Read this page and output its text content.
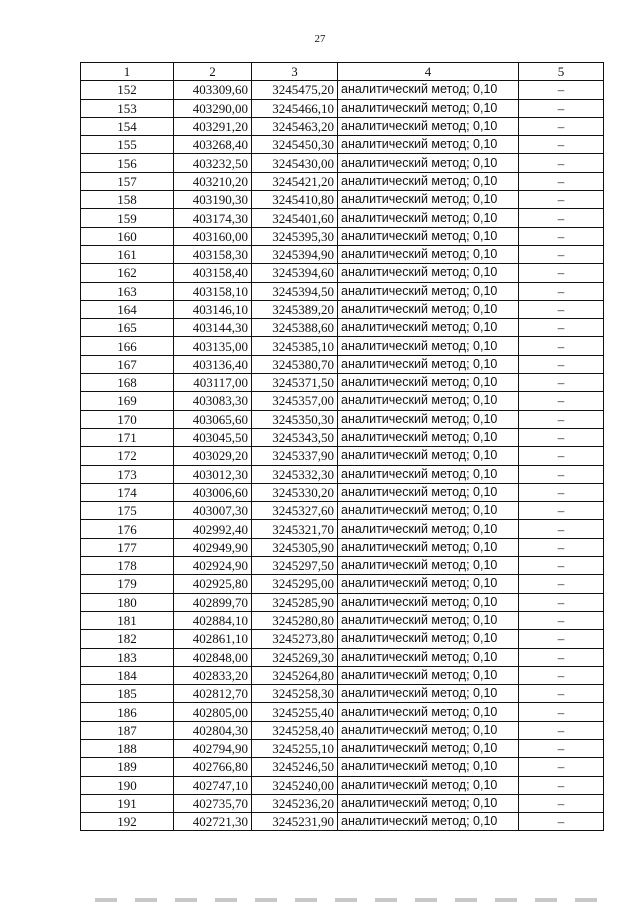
27
1	2	3	4	5
152	403309,60	3245475,20	аналитический метод; 0,10	–
153	403290,00	3245466,10	аналитический метод; 0,10	–
154	403291,20	3245463,20	аналитический метод; 0,10	–
155	403268,40	3245450,30	аналитический метод; 0,10	–
156	403232,50	3245430,00	аналитический метод; 0,10	–
157	403210,20	3245421,20	аналитический метод; 0,10	–
158	403190,30	3245410,80	аналитический метод; 0,10	–
159	403174,30	3245401,60	аналитический метод; 0,10	–
160	403160,00	3245395,30	аналитический метод; 0,10	–
161	403158,30	3245394,90	аналитический метод; 0,10	–
162	403158,40	3245394,60	аналитический метод; 0,10	–
163	403158,10	3245394,50	аналитический метод; 0,10	–
164	403146,10	3245389,20	аналитический метод; 0,10	–
165	403144,30	3245388,60	аналитический метод; 0,10	–
166	403135,00	3245385,10	аналитический метод; 0,10	–
167	403136,40	3245380,70	аналитический метод; 0,10	–
168	403117,00	3245371,50	аналитический метод; 0,10	–
169	403083,30	3245357,00	аналитический метод; 0,10	–
170	403065,60	3245350,30	аналитический метод; 0,10	–
171	403045,50	3245343,50	аналитический метод; 0,10	–
172	403029,20	3245337,90	аналитический метод; 0,10	–
173	403012,30	3245332,30	аналитический метод; 0,10	–
174	403006,60	3245330,20	аналитический метод; 0,10	–
175	403007,30	3245327,60	аналитический метод; 0,10	–
176	402992,40	3245321,70	аналитический метод; 0,10	–
177	402949,90	3245305,90	аналитический метод; 0,10	–
178	402924,90	3245297,50	аналитический метод; 0,10	–
179	402925,80	3245295,00	аналитический метод; 0,10	–
180	402899,70	3245285,90	аналитический метод; 0,10	–
181	402884,10	3245280,80	аналитический метод; 0,10	–
182	402861,10	3245273,80	аналитический метод; 0,10	–
183	402848,00	3245269,30	аналитический метод; 0,10	–
184	402833,20	3245264,80	аналитический метод; 0,10	–
185	402812,70	3245258,30	аналитический метод; 0,10	–
186	402805,00	3245255,40	аналитический метод; 0,10	–
187	402804,30	3245258,40	аналитический метод; 0,10	–
188	402794,90	3245255,10	аналитический метод; 0,10	–
189	402766,80	3245246,50	аналитический метод; 0,10	–
190	402747,10	3245240,00	аналитический метод; 0,10	–
191	402735,70	3245236,20	аналитический метод; 0,10	–
192	402721,30	3245231,90	аналитический метод; 0,10	–
